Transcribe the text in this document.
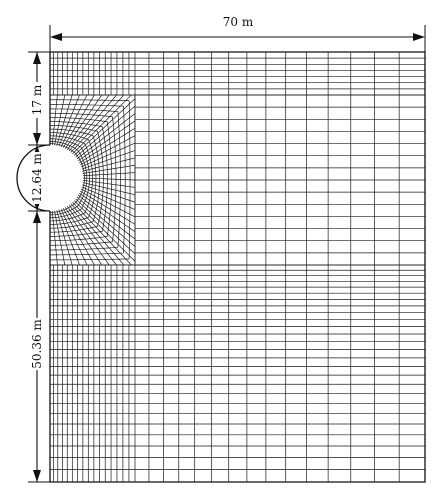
70 m
17 m
12.64 m
50.36 m
